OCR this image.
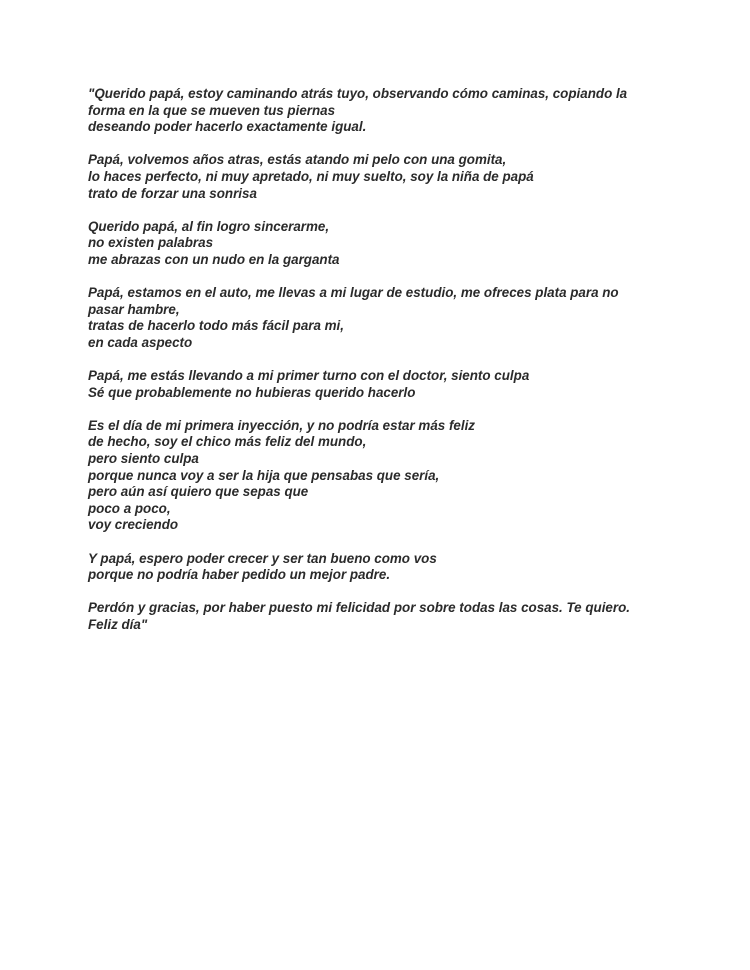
"Querido papá, estoy caminando atrás tuyo, observando cómo caminas, copiando la
forma en la que se mueven tus piernas
deseando poder hacerlo exactamente igual.

Papá, volvemos años atras, estás atando mi pelo con una gomita,
lo haces perfecto, ni muy apretado, ni muy suelto, soy la niña de papá
trato de forzar una sonrisa

Querido papá, al fin logro sincerarme,
no existen palabras
me abrazas con un nudo en la garganta

Papá, estamos en el auto, me llevas a mi lugar de estudio, me ofreces plata para no
pasar hambre,
tratas de hacerlo todo más fácil para mi,
en cada aspecto

Papá, me estás llevando a mi primer turno con el doctor, siento culpa
Sé que probablemente no hubieras querido hacerlo

Es el día de mi primera inyección, y no podría estar más feliz
de hecho, soy el chico más feliz del mundo,
pero siento culpa
porque nunca voy a ser la hija que pensabas que sería,
pero aún así quiero que sepas que
poco a poco,
voy creciendo

Y papá, espero poder crecer y ser tan bueno como vos
porque no podría haber pedido un mejor padre.

Perdón y gracias, por haber puesto mi felicidad por sobre todas las cosas. Te quiero.
Feliz día"
